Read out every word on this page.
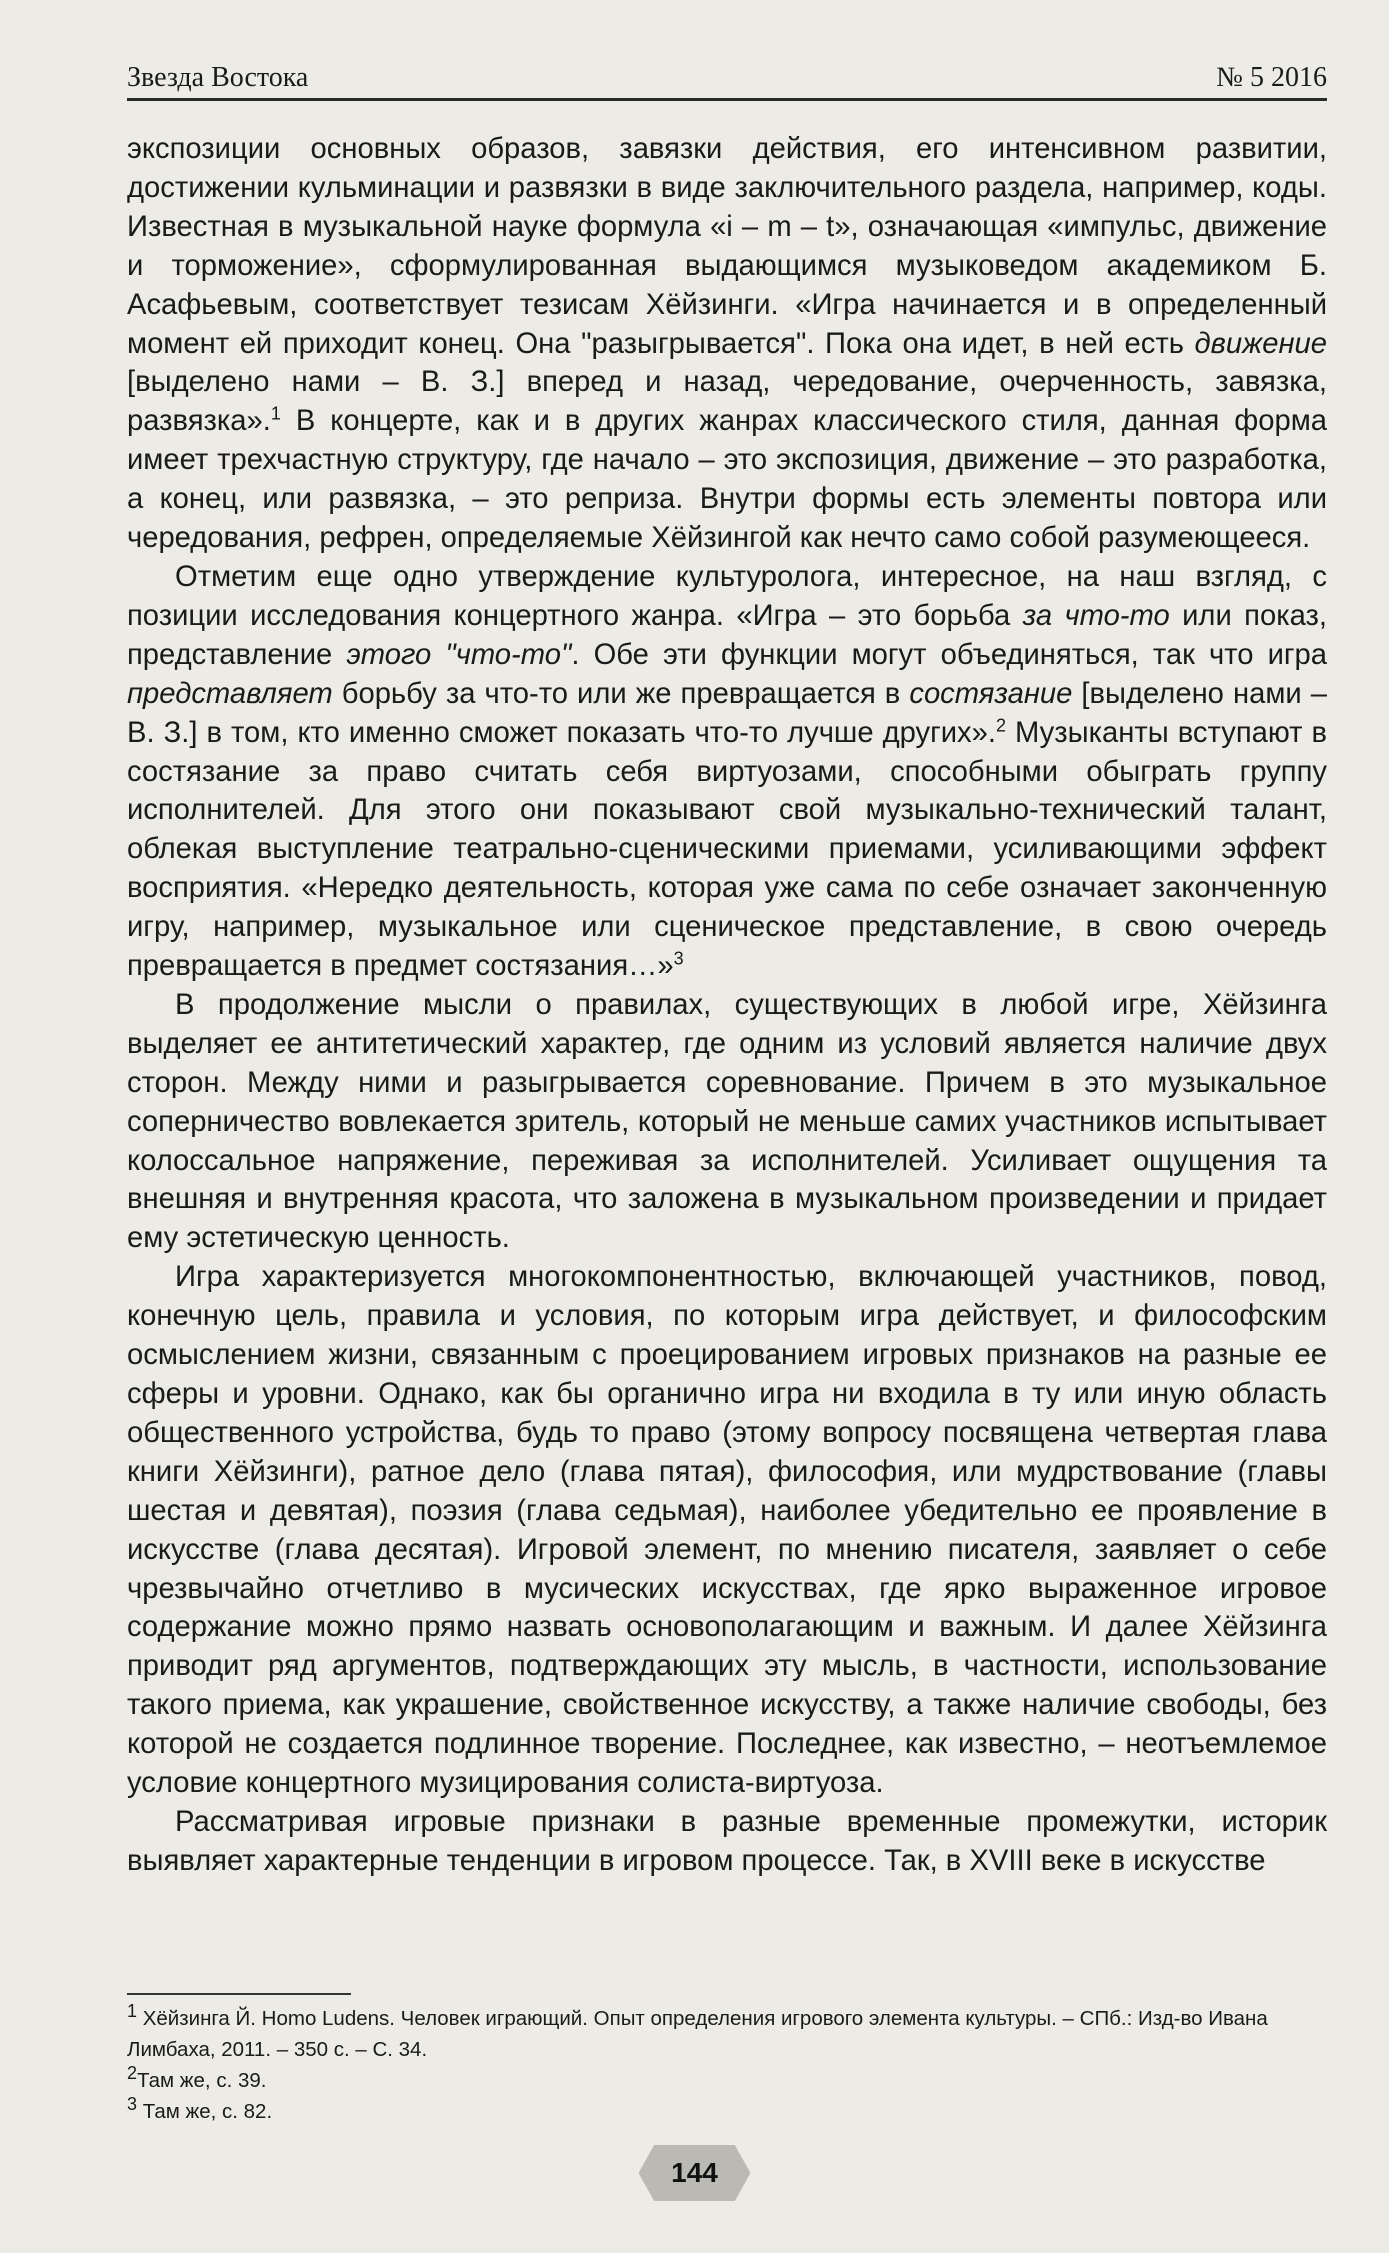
Звезда Востока	№ 5 2016

экспозиции основных образов, завязки действия, его интенсивном развитии, достижении кульминации и развязки в виде заключительного раздела, например, коды. Известная в музыкальной науке формула «i – m – t», означающая «импульс, движение и торможение», сформулированная выдающимся музыковедом академиком Б. Асафьевым, соответствует тезисам Хёйзинги. «Игра начинается и в определенный момент ей приходит конец. Она "разыгрывается". Пока она идет, в ней есть движение [выделено нами – В. З.] вперед и назад, чередование, очерченность, завязка, развязка».$^1$ В концерте, как и в других жанрах классического стиля, данная форма имеет трехчастную структуру, где начало – это экспозиция, движение – это разработка, а конец, или развязка, – это реприза. Внутри формы есть элементы повтора или чередования, рефрен, определяемые Хёйзингой как нечто само собой разумеющееся.

Отметим еще одно утверждение культуролога, интересное, на наш взгляд, с позиции исследования концертного жанра. «Игра – это борьба за что-то или показ, представление этого "что-то". Обе эти функции могут объединяться, так что игра представляет борьбу за что-то или же превращается в состязание [выделено нами – В. З.] в том, кто именно сможет показать что-то лучше других».$^2$ Музыканты вступают в состязание за право считать себя виртуозами, способными обыграть группу исполнителей. Для этого они показывают свой музыкально-технический талант, облекая выступление театрально-сценическими приемами, усиливающими эффект восприятия. «Нередко деятельность, которая уже сама по себе означает законченную игру, например, музыкальное или сценическое представление, в свою очередь превращается в предмет состязания…»$^3$

В продолжение мысли о правилах, существующих в любой игре, Хёйзинга выделяет ее антитетический характер, где одним из условий является наличие двух сторон. Между ними и разыгрывается соревнование. Причем в это музыкальное соперничество вовлекается зритель, который не меньше самих участников испытывает колоссальное напряжение, переживая за исполнителей. Усиливает ощущения та внешняя и внутренняя красота, что заложена в музыкальном произведении и придает ему эстетическую ценность.

Игра характеризуется многокомпонентностью, включающей участников, повод, конечную цель, правила и условия, по которым игра действует, и философским осмыслением жизни, связанным с проецированием игровых признаков на разные ее сферы и уровни. Однако, как бы органично игра ни входила в ту или иную область общественного устройства, будь то право (этому вопросу посвящена четвертая глава книги Хёйзинги), ратное дело (глава пятая), философия, или мудрствование (главы шестая и девятая), поэзия (глава седьмая), наиболее убедительно ее проявление в искусстве (глава десятая). Игровой элемент, по мнению писателя, заявляет о себе чрезвычайно отчетливо в мусических искусствах, где ярко выраженное игровое содержание можно прямо назвать основополагающим и важным. И далее Хёйзинга приводит ряд аргументов, подтверждающих эту мысль, в частности, использование такого приема, как украшение, свойственное искусству, а также наличие свободы, без которой не создается подлинное творение. Последнее, как известно, – неотъемлемое условие концертного музицирования солиста-виртуоза.

Рассматривая игровые признаки в разные временные промежутки, историк выявляет характерные тенденции в игровом процессе. Так, в XVIII веке в искусстве

$^1$ Хёйзинга Й. Homo Ludens. Человек играющий. Опыт определения игрового элемента культуры. – СПб.: Изд-во Ивана Лимбаха, 2011. – 350 с. – С. 34.
$^2$Там же, с. 39.
$^3$ Там же, с. 82.
144
